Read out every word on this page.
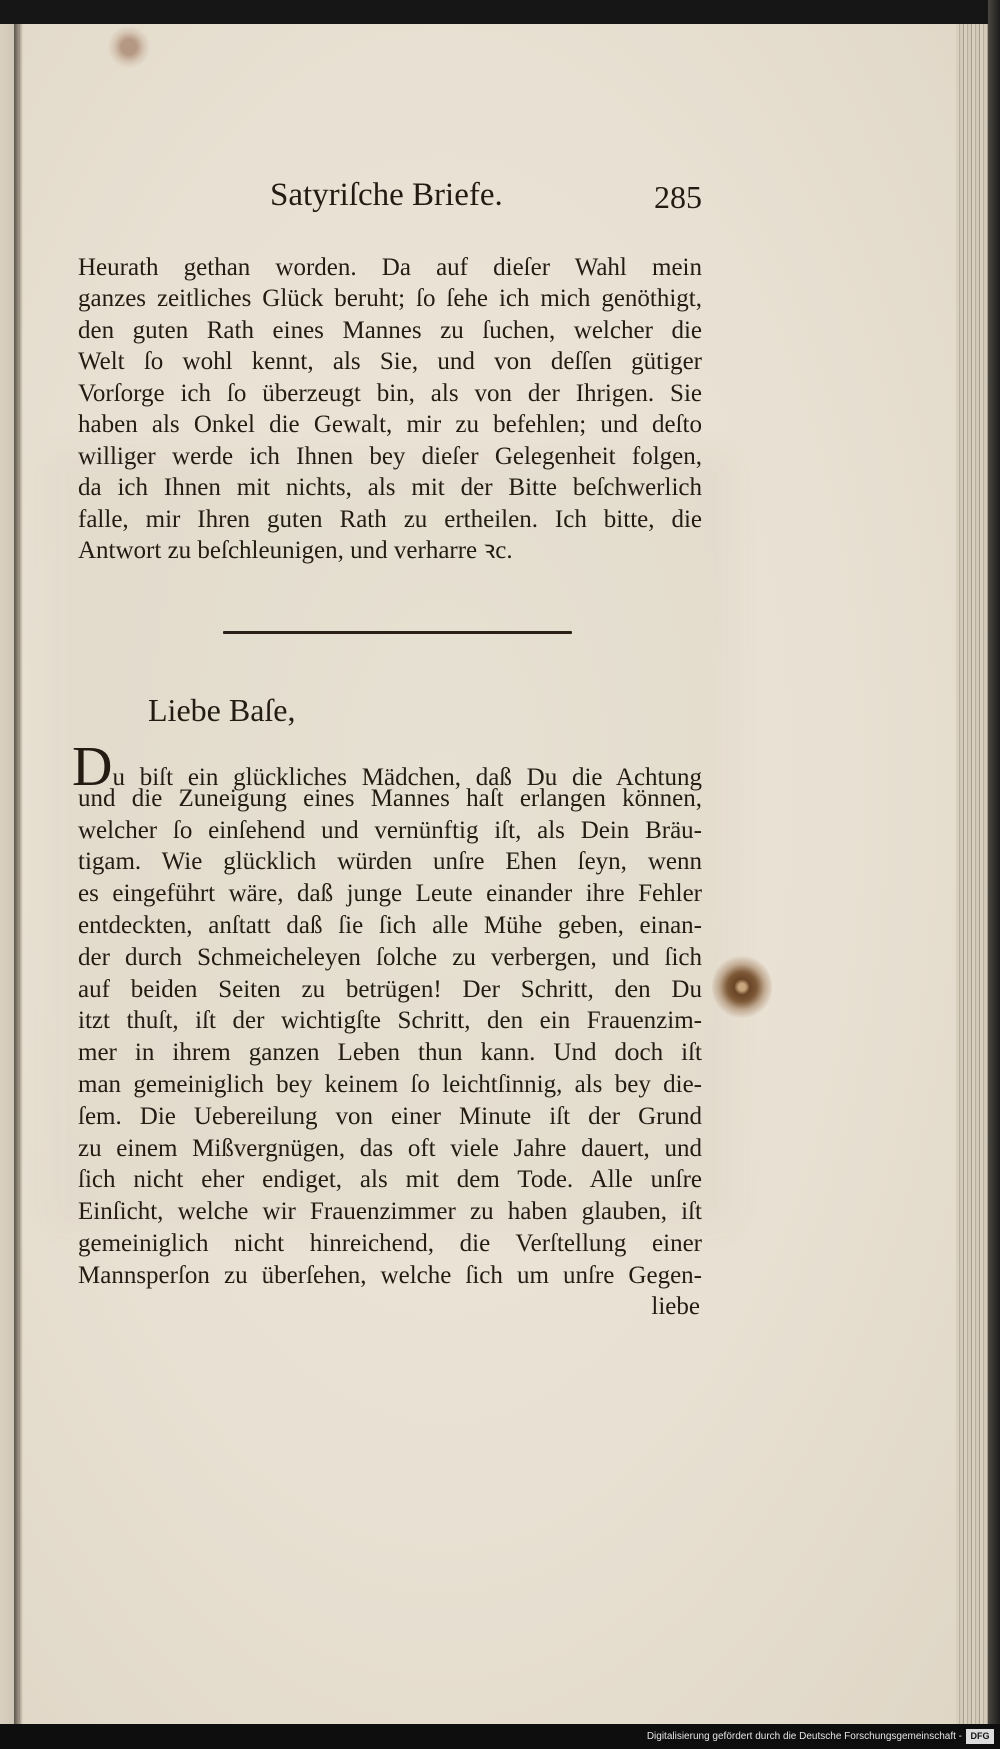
Satyriſche Briefe.	285
Heurath gethan worden. Da auf dieſer Wahl mein
ganzes zeitliches Glück beruht; ſo ſehe ich mich genöthigt,
den guten Rath eines Mannes zu ſuchen, welcher die
Welt ſo wohl kennt, als Sie, und von deſſen gütiger
Vorſorge ich ſo überzeugt bin, als von der Ihrigen. Sie
haben als Onkel die Gewalt, mir zu befehlen; und deſto
williger werde ich Ihnen bey dieſer Gelegenheit folgen,
da ich Ihnen mit nichts, als mit der Bitte beſchwerlich
falle, mir Ihren guten Rath zu ertheilen. Ich bitte, die
Antwort zu beſchleunigen, und verharre ꝛc.
Liebe Baſe,
Du biſt ein glückliches Mädchen, daß Du die Achtung
und die Zuneigung eines Mannes haſt erlangen können,
welcher ſo einſehend und vernünftig iſt, als Dein Bräu-
tigam. Wie glücklich würden unſre Ehen ſeyn, wenn
es eingeführt wäre, daß junge Leute einander ihre Fehler
entdeckten, anſtatt daß ſie ſich alle Mühe geben, einan-
der durch Schmeicheleyen ſolche zu verbergen, und ſich
auf beiden Seiten zu betrügen! Der Schritt, den Du
itzt thuſt, iſt der wichtigſte Schritt, den ein Frauenzim-
mer in ihrem ganzen Leben thun kann. Und doch iſt
man gemeiniglich bey keinem ſo leichtſinnig, als bey die-
ſem. Die Uebereilung von einer Minute iſt der Grund
zu einem Mißvergnügen, das oft viele Jahre dauert, und
ſich nicht eher endiget, als mit dem Tode. Alle unſre
Einſicht, welche wir Frauenzimmer zu haben glauben, iſt
gemeiniglich nicht hinreichend, die Verſtellung einer
Mannsperſon zu überſehen, welche ſich um unſre Gegen-
liebe
Digitalisierung gefördert durch die Deutsche Forschungsgemeinschaft - DFG
